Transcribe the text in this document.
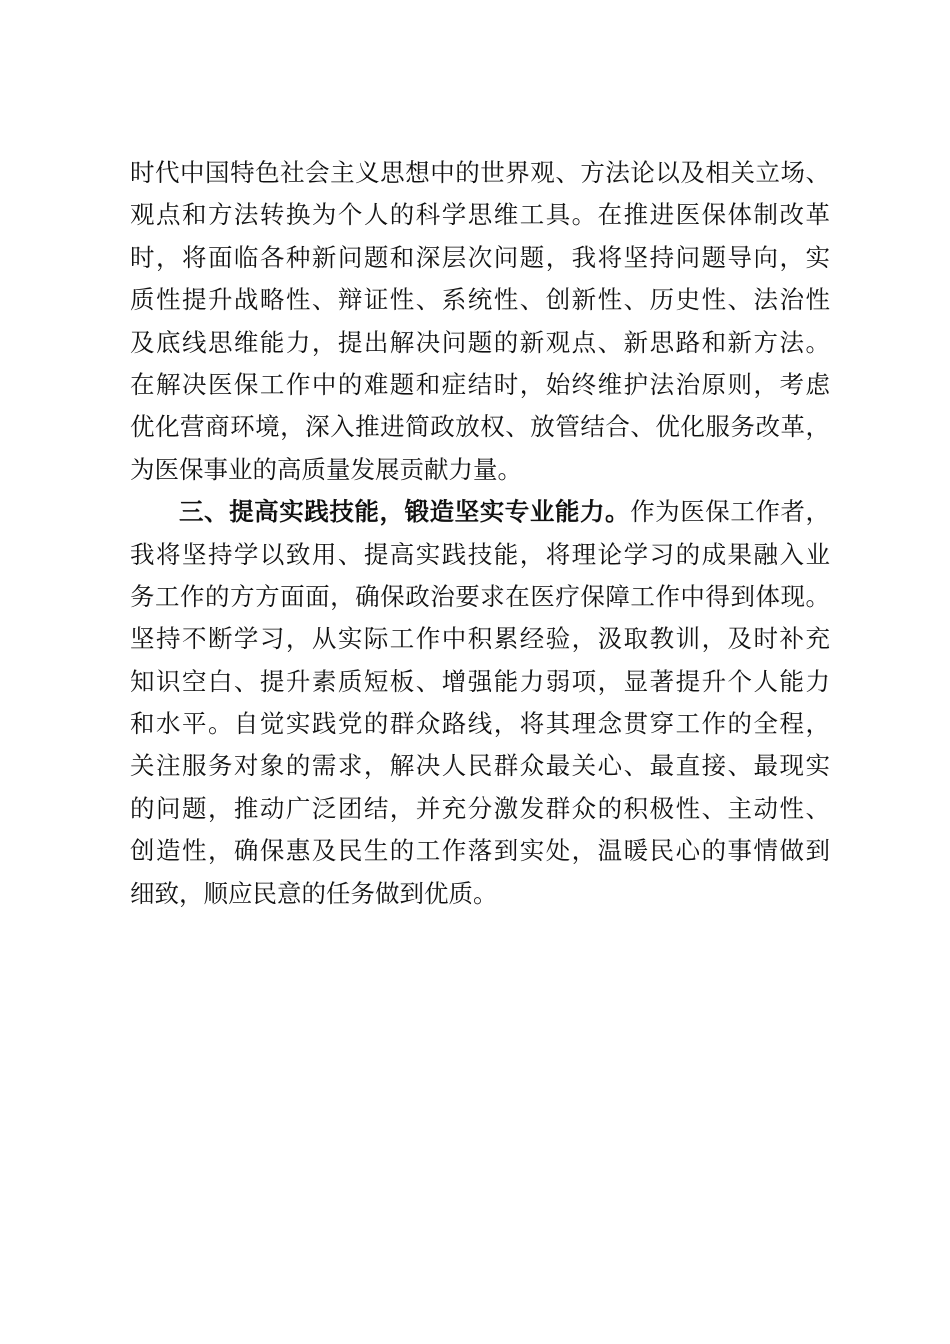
时代中国特色社会主义思想中的世界观、方法论以及相关立场、
观点和方法转换为个人的科学思维工具。在推进医保体制改革
时，将面临各种新问题和深层次问题，我将坚持问题导向，实
质性提升战略性、辩证性、系统性、创新性、历史性、法治性
及底线思维能力，提出解决问题的新观点、新思路和新方法。
在解决医保工作中的难题和症结时，始终维护法治原则，考虑
优化营商环境，深入推进简政放权、放管结合、优化服务改革，
为医保事业的高质量发展贡献力量。
三、提高实践技能，锻造坚实专业能力。作为医保工作者，
我将坚持学以致用、提高实践技能，将理论学习的成果融入业
务工作的方方面面，确保政治要求在医疗保障工作中得到体现。
坚持不断学习，从实际工作中积累经验，汲取教训，及时补充
知识空白、提升素质短板、增强能力弱项，显著提升个人能力
和水平。自觉实践党的群众路线，将其理念贯穿工作的全程，
关注服务对象的需求，解决人民群众最关心、最直接、最现实
的问题，推动广泛团结，并充分激发群众的积极性、主动性、
创造性，确保惠及民生的工作落到实处，温暖民心的事情做到
细致，顺应民意的任务做到优质。
